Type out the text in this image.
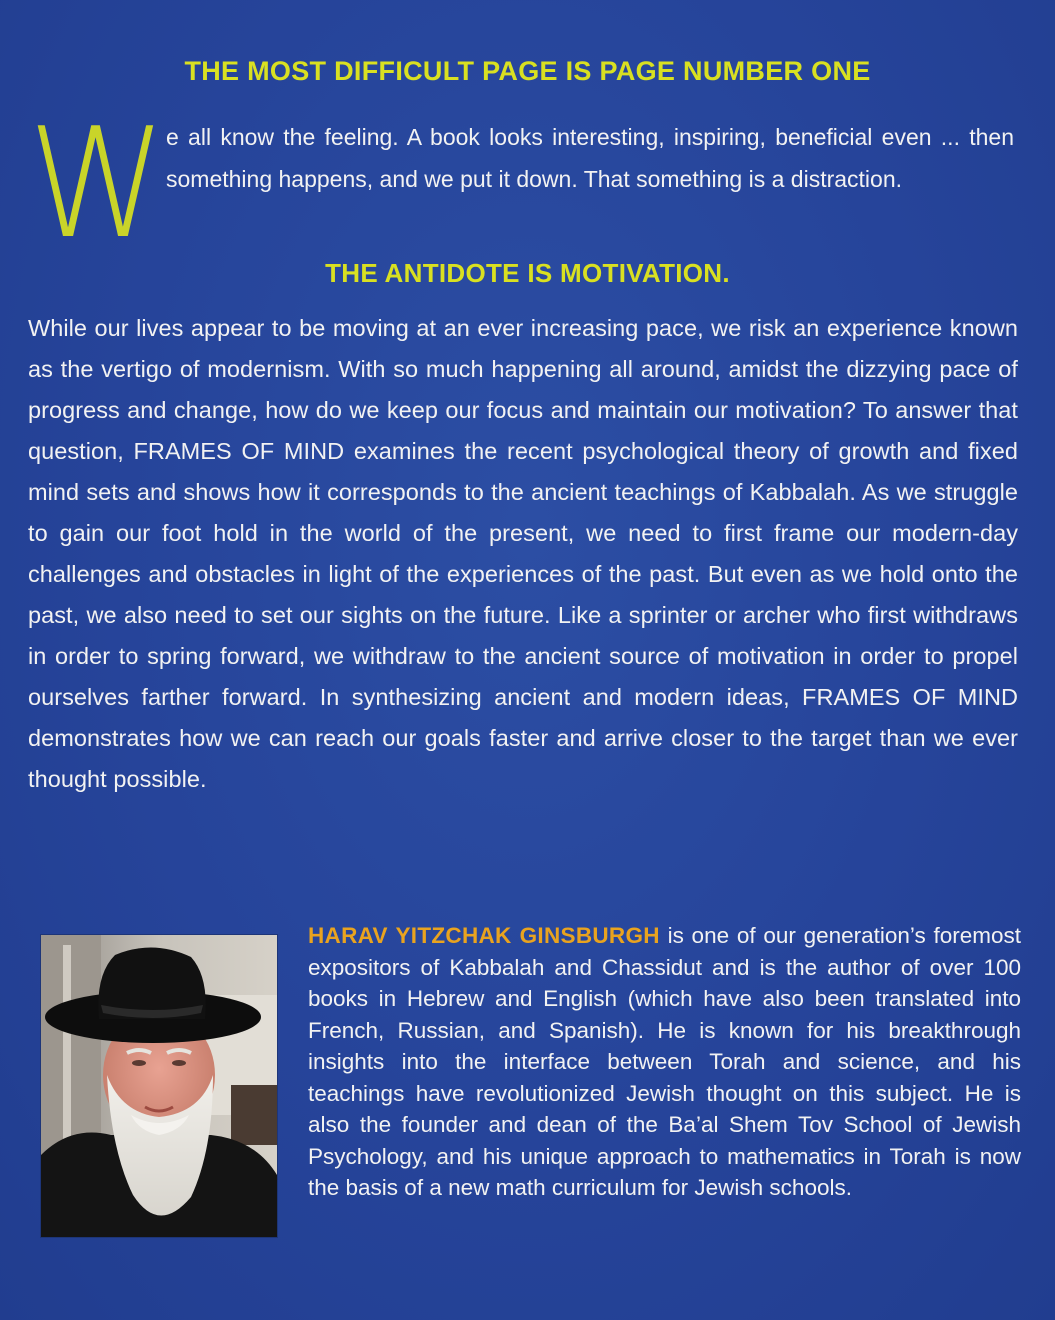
THE MOST DIFFICULT PAGE IS PAGE NUMBER ONE
W e all know the feeling. A book looks interesting, inspiring, beneficial even ... then something happens, and we put it down. That something is a distraction.
THE ANTIDOTE IS MOTIVATION.
While our lives appear to be moving at an ever increasing pace, we risk an experience known as the vertigo of modernism. With so much happening all around, amidst the dizzying pace of progress and change, how do we keep our focus and maintain our motivation? To answer that question, FRAMES OF MIND examines the recent psychological theory of growth and fixed mind sets and shows how it corresponds to the ancient teachings of Kabbalah. As we struggle to gain our foot hold in the world of the present, we need to first frame our modern-day challenges and obstacles in light of the experiences of the past. But even as we hold onto the past, we also need to set our sights on the future. Like a sprinter or archer who first withdraws in order to spring forward, we withdraw to the ancient source of motivation in order to propel ourselves farther forward. In synthesizing ancient and modern ideas, FRAMES OF MIND demonstrates how we can reach our goals faster and arrive closer to the target than we ever thought possible.
HARAV YITZCHAK GINSBURGH is one of our generation’s foremost expositors of Kabbalah and Chassidut and is the author of over 100 books in Hebrew and English (which have also been translated into French, Russian, and Spanish). He is known for his breakthrough insights into the interface between Torah and science, and his teachings have revolutionized Jewish thought on this subject. He is also the founder and dean of the Ba’al Shem Tov School of Jewish Psychology, and his unique approach to mathematics in Torah is now the basis of a new math curriculum for Jewish schools.
